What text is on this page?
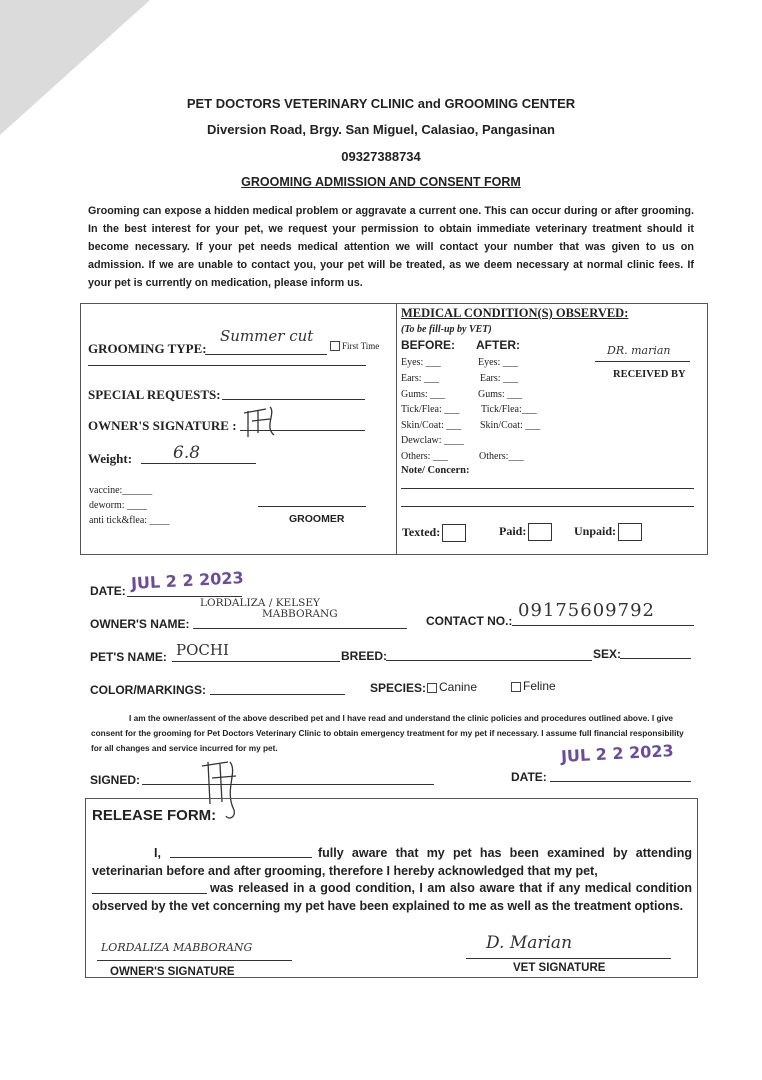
PET DOCTORS VETERINARY CLINIC and GROOMING CENTER
Diversion Road, Brgy. San Miguel, Calasiao, Pangasinan
09327388734
GROOMING ADMISSION AND CONSENT FORM
Grooming can expose a hidden medical problem or aggravate a current one. This can occur during or after grooming. In the best interest for your pet, we request your permission to obtain immediate veterinary treatment should it become necessary. If your pet needs medical attention we will contact your number that was given to us on admission. If we are unable to contact you, your pet will be treated, as we deem necessary at normal clinic fees. If your pet is currently on medication, please inform us.
GROOMING TYPE:
Summer cut
First Time
SPECIAL REQUESTS:
OWNER'S SIGNATURE :
Weight: 6.8
vaccine:______
deworm: ____
anti tick&flea: ____	GROOMER
MEDICAL CONDITION(S) OBSERVED:
(To be fill-up by VET)
BEFORE: AFTER:
Eyes: ___	Eyes: ___
Ears: ___	Ears: ___
Gums: ___	Gums: ___
Tick/Flea: ___ Tick/Flea:___
Skin/Coat: ___ Skin/Coat: ___
Dewclaw: ____
Others: ___	Others:___
DR. marian
RECEIVED BY
Note/ Concern:
Texted:	Paid:	Unpaid:
DATE: JUL 2 2 2023
OWNER'S NAME:
LORDALIZA / KELSEY
MABBORANG	CONTACT NO.: 09175609792
PET'S NAME: POCHI	BREED:	SEX:
COLOR/MARKINGS:	SPECIES:	Canine	Feline
I am the owner/assent of the above described pet and I have read and understand the clinic policies and procedures outlined above. I give consent for the grooming for Pet Doctors Veterinary Clinic to obtain emergency treatment for my pet if necessary. I assume full financial responsibility for all changes and service incurred for my pet.
SIGNED:	DATE:
JUL 2 2 2023
RELEASE FORM:
I,	fully aware that my pet has been examined by attending veterinarian before and after grooming, therefore I hereby acknowledged that my pet,
was released in a good condition, I am also aware that if any medical condition observed by the vet concerning my pet have been explained to me as well as the treatment options.
LORDALIZA MABBORANG
OWNER'S SIGNATURE
D. Marian
VET SIGNATURE
